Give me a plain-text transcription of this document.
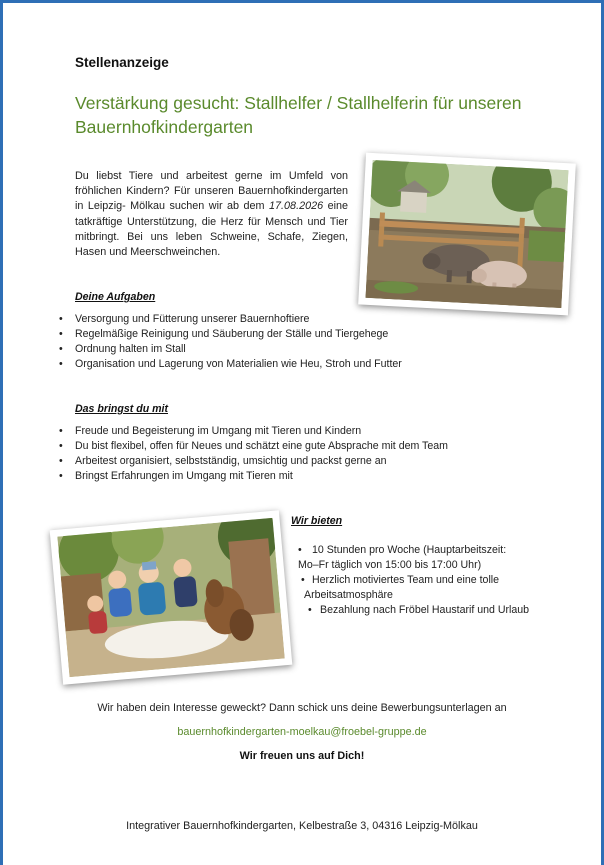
Stellenanzeige
Verstärkung gesucht: Stallhelfer / Stallhelferin für unseren Bauernhofkindergarten
Du liebst Tiere und arbeitest gerne im Umfeld von fröhlichen Kindern? Für unseren Bauernhofkindergarten in Leipzig- Mölkau suchen wir ab dem 17.08.2026 eine tatkräftige Unterstützung, die Herz für Mensch und Tier mitbringt. Bei uns leben Schweine, Schafe, Ziegen, Hasen und Meerschweinchen.
Deine Aufgaben
• Versorgung und Fütterung unserer Bauernhoftiere
• Regelmäßige Reinigung und Säuberung der Ställe und Tiergehege
• Ordnung halten im Stall
• Organisation und Lagerung von Materialien wie Heu, Stroh und Futter
Das bringst du mit
• Freude und Begeisterung im Umgang mit Tieren und Kindern
• Du bist flexibel, offen für Neues und schätzt eine gute Absprache mit dem Team
• Arbeitest organisiert, selbstständig, umsichtig und packst gerne an
• Bringst Erfahrungen im Umgang mit Tieren mit
Wir bieten
• 10 Stunden pro Woche (Hauptarbeitszeit:
Mo–Fr täglich von 15:00 bis 17:00 Uhr)
• Herzlich motiviertes Team und eine tolle
Arbeitsatmosphäre
• Bezahlung nach Fröbel Haustarif und Urlaub
Wir haben dein Interesse geweckt? Dann schick uns deine Bewerbungsunterlagen an
bauernhofkindergarten-moelkau@froebel-gruppe.de
Wir freuen uns auf Dich!
Integrativer Bauernhofkindergarten, Kelbestraße 3, 04316 Leipzig-Mölkau
